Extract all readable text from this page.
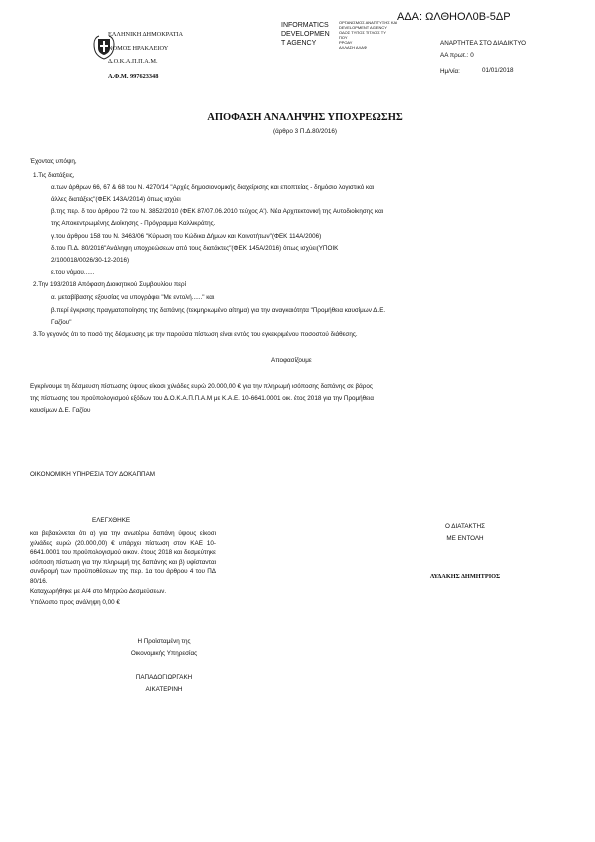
ΕΛΛΗΝΙΚΗ ΔΗΜΟΚΡΑΤΙΑ
ΝΟΜΟΣ ΗΡΑΚΛΕΙΟΥ
Δ.Ο.Κ.Α.Π.Π.Α.Μ.
Α.Φ.Μ. 997623348
INFORMATICS
DEVELOPMEN
T AGENCY
ΟΡΓΑΝΙΣΜΟΣ ΑΝΑΠΤΥΞΗΣ ΚΑΙ
DEVELOPMENT AGENCY
ΟΔΟΣ ΤΥΠΟΣ ΤΙΤΛΟΣ ΤΥ
ΠΟΥ
ΡΡΟΑΥ
ΑΛΛΑΣΗ ΑΛΑΦ
ΑΔΑ: ΩΛΘΗΟΛ0Β-5ΔΡ
ΑΝΑΡΤΗΤΕΑ ΣΤΟ ΔΙΑΔΙΚΤΥΟ
ΑΑ πρωτ.: 0
Ημ/νία:	01/01/2018
ΑΠΟΦΑΣΗ ΑΝΑΛΗΨΗΣ ΥΠΟΧΡΕΩΣΗΣ
(άρθρο 3 Π.Δ.80/2016)
Έχοντας υπόψη,
1.Τις διατάξεις,
α.των άρθρων 66, 67 & 68 του Ν. 4270/14 "Αρχές δημοσιονομικής διαχείρισης και εποπτείας - δημόσιο λογιστικό και
άλλες διατάξεις"(ΦΕΚ 143Α/2014) όπως ισχύει
β.της περ. δ του άρθρου 72 του Ν. 3852/2010 (ΦΕΚ 87/07.06.2010 τεύχος Α'). Νέα Αρχιτεκτονική της Αυτοδιοίκησης και
της Αποκεντρωμένης Διοίκησης - Πρόγραμμα Καλλικράτης.
γ.του άρθρου 158 του Ν. 3463/06 "Κύρωση του Κώδικα Δήμων και Κοινοτήτων"(ΦΕΚ 114Α/2006)
δ.του Π.Δ. 80/2016"Ανάληψη υποχρεώσεων από τους διατάκτες"(ΦΕΚ 145Α/2016) όπως ισχύει(ΥΠΟΙΚ
2/100018/0026/30-12-2016)
ε.του νόμου......
2.Την 193/2018 Απόφαση Διοικητικού Συμβουλίου περί
α. μεταβίβασης εξουσίας να υπογράφει "Με εντολή......" και
β.περί έγκρισης πραγματοποίησης της δαπάνης (τεκμηριωμένο αίτημα) για την αναγκαιότητα "Προμήθεια καυσίμων Δ.Ε.
Γαζίου"
3.Το γεγονός ότι το ποσό της δέσμευσης με την παρούσα πίστωση είναι εντός του εγκεκριμένου ποσοστού διάθεσης.
Αποφασίζουμε
Εγκρίνουμε τη δέσμευση πίστωσης ύψους είκοσι χιλιάδες ευρώ 20.000,00 € για την πληρωμή ισόποσης δαπάνης σε βάρος
της πίστωσης του προϋπολογισμού εξόδων του Δ.Ο.Κ.Α.Π.Π.Α.Μ με Κ.Α.Ε. 10-6641.0001 οικ. έτος 2018 για την Προμήθεια
καυσίμων Δ.Ε. Γαζίου
ΟΙΚΟΝΟΜΙΚΗ ΥΠΗΡΕΣΙΑ ΤΟΥ ΔΟΚΑΠΠΑΜ
ΕΛΕΓΧΘΗΚΕ
και βεβαιώνεται ότι α) για την ανωτέρω δαπάνη ύψους είκοσι χιλιάδες ευρώ (20.000,00) € υπάρχει πίστωση στον ΚΑΕ 10-6641.0001 του προϋπολογισμού οικον. έτους 2018 και δεσμεύτηκε ισόποση πίστωση για την πληρωμή της δαπάνης και β) υφίστανται συνδρομή των προϋποθέσεων της περ. 1α του άρθρου 4 του ΠΔ 80/16.
Καταχωρήθηκε με Α/4 στο Μητρώο Δεσμεύσεων.
Υπόλοιπο προς ανάληψη 0,00 €
Η Προϊσταμένη της
Οικονομικής Υπηρεσίας
ΠΑΠΑΔΟΓΙΩΡΓΑΚΗ
ΑΙΚΑΤΕΡΙΝΗ
Ο ΔΙΑΤΑΚΤΗΣ
ΜΕ ΕΝΤΟΛΗ
ΛΥΔΑΚΗΣ ΔΗΜΗΤΡΙΟΣ
